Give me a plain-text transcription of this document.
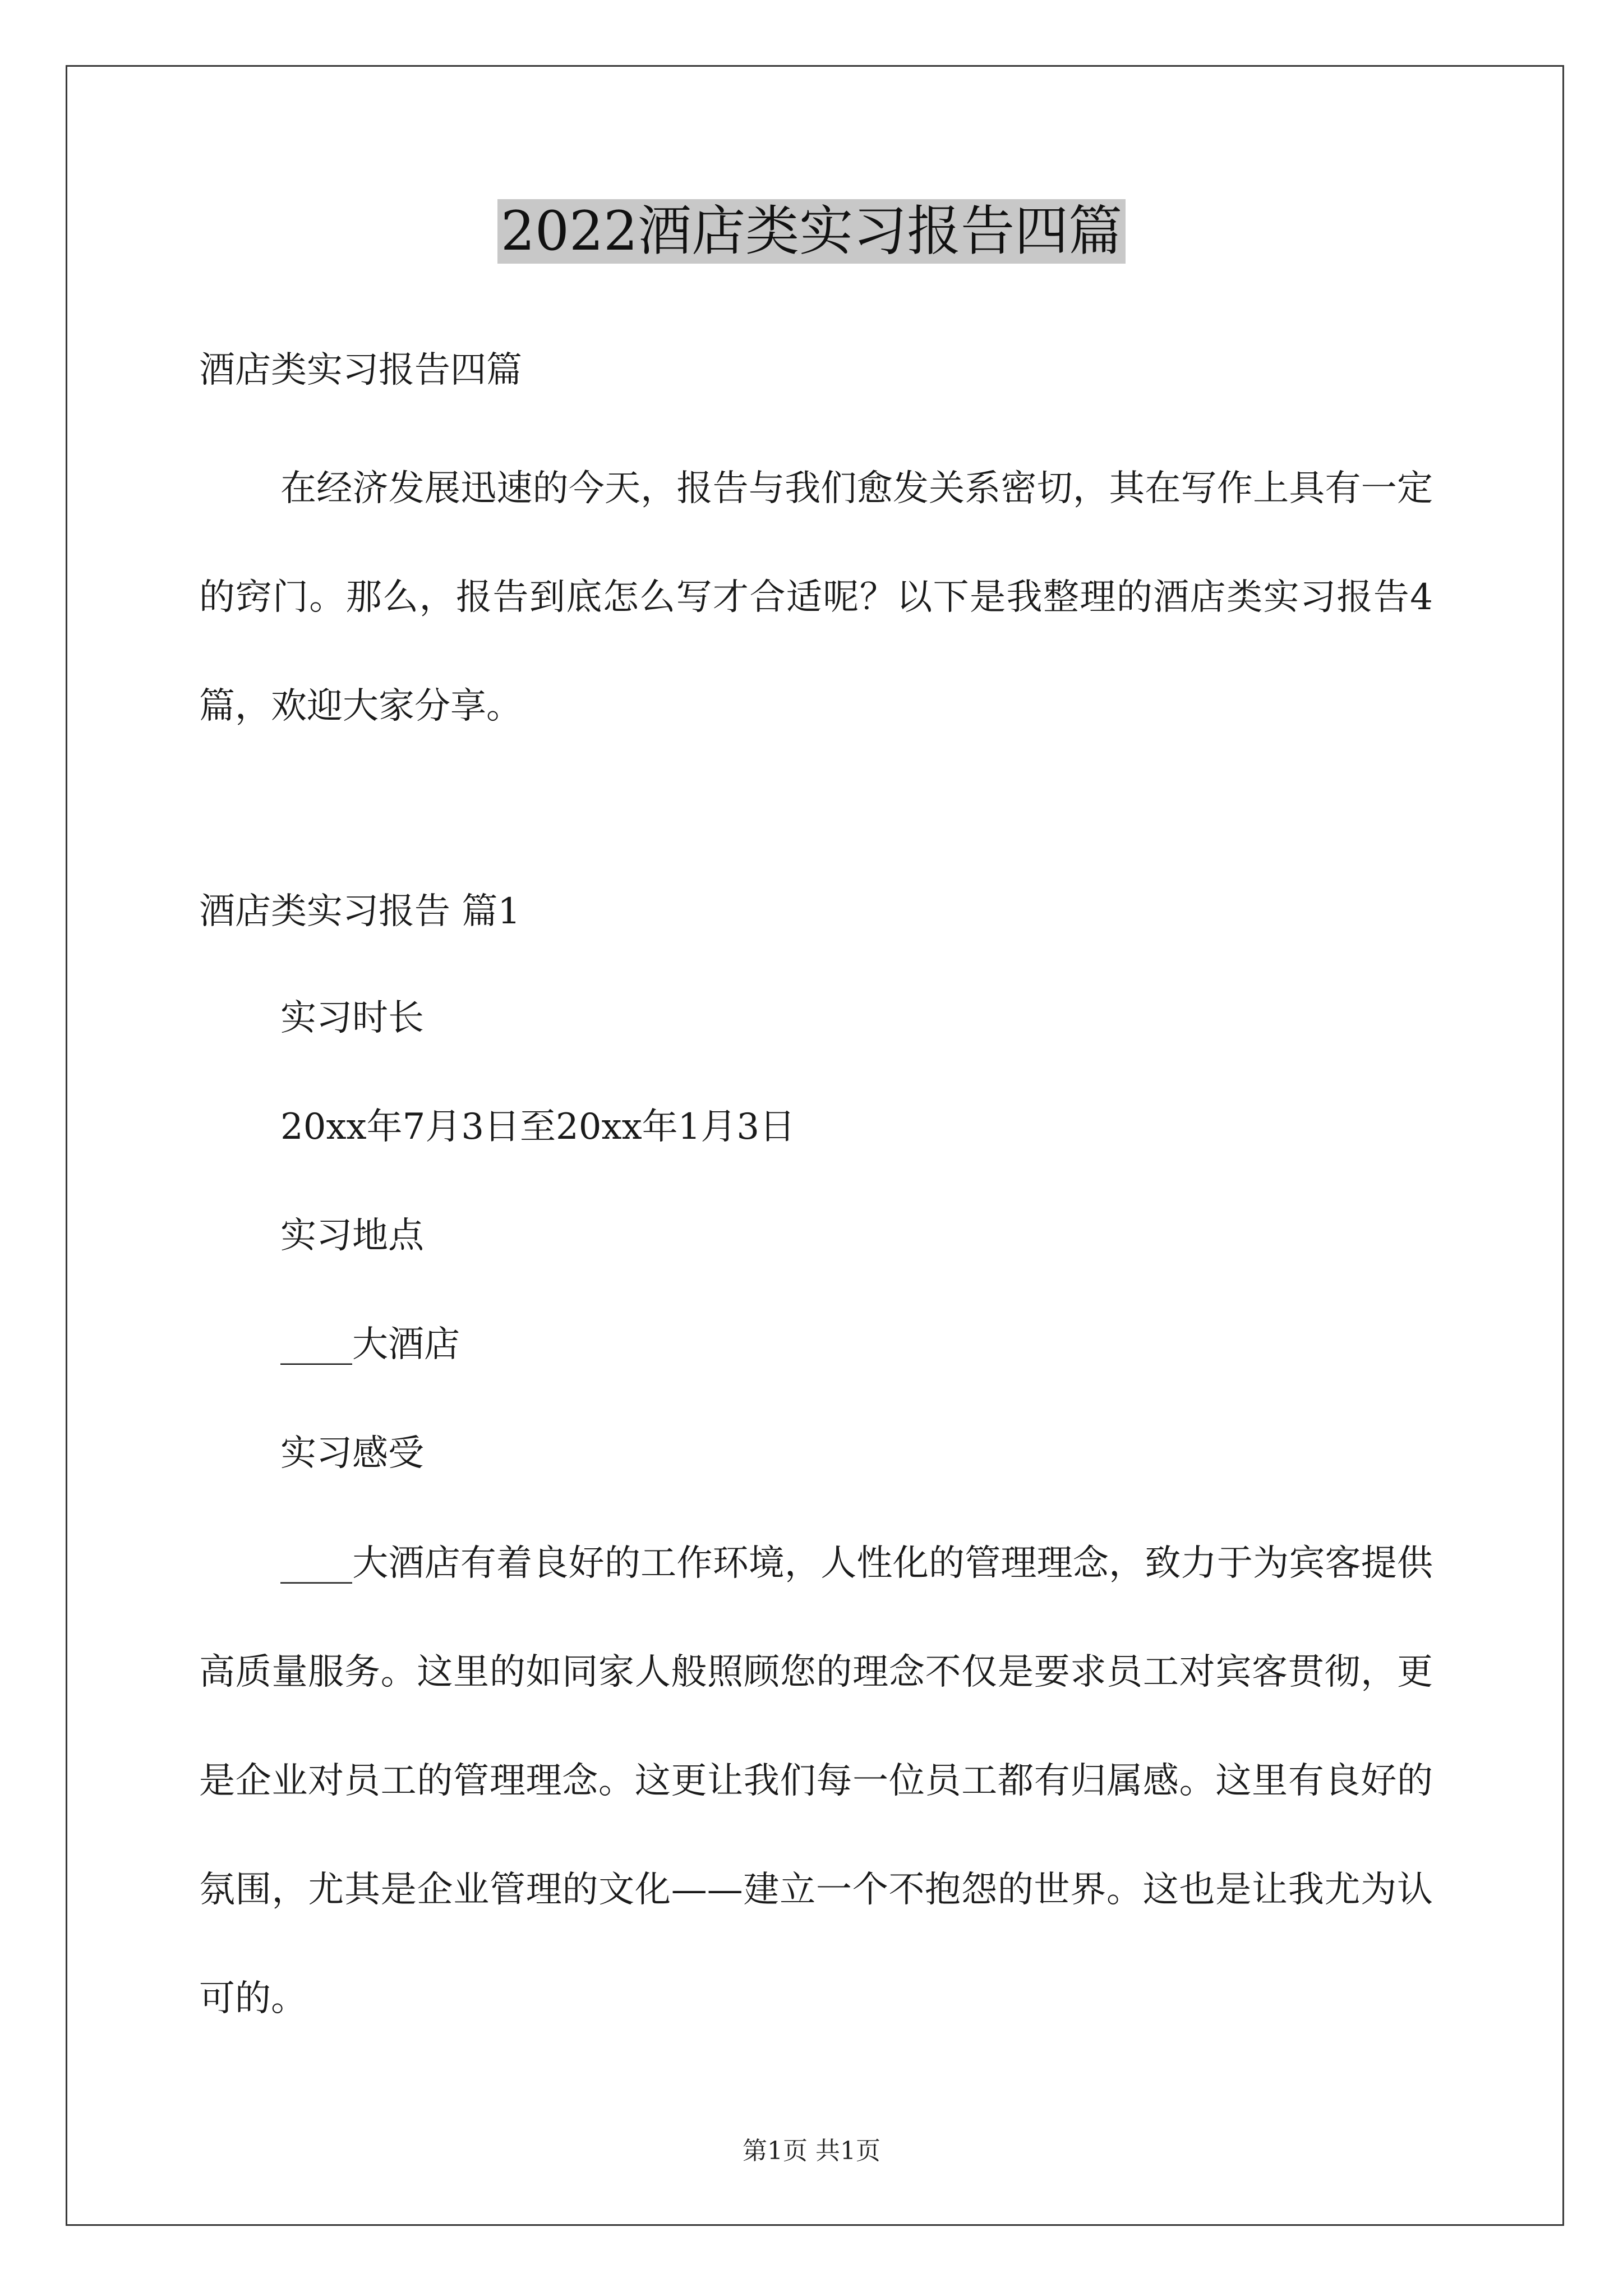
2022酒店类实习报告四篇
酒店类实习报告四篇
在经济发展迅速的今天，报告与我们愈发关系密切，其在写作上具有一定的窍门。那么，报告到底怎么写才合适呢？以下是我整理的酒店类实习报告4篇，欢迎大家分享。
酒店类实习报告 篇1
实习时长
20xx年7月3日至20xx年1月3日
实习地点
____大酒店
实习感受
____大酒店有着良好的工作环境，人性化的管理理念，致力于为宾客提供高质量服务。这里的如同家人般照顾您的理念不仅是要求员工对宾客贯彻，更是企业对员工的管理理念。这更让我们每一位员工都有归属感。这里有良好的氛围，尤其是企业管理的文化——建立一个不抱怨的世界。这也是让我尤为认可的。
第1页 共1页
